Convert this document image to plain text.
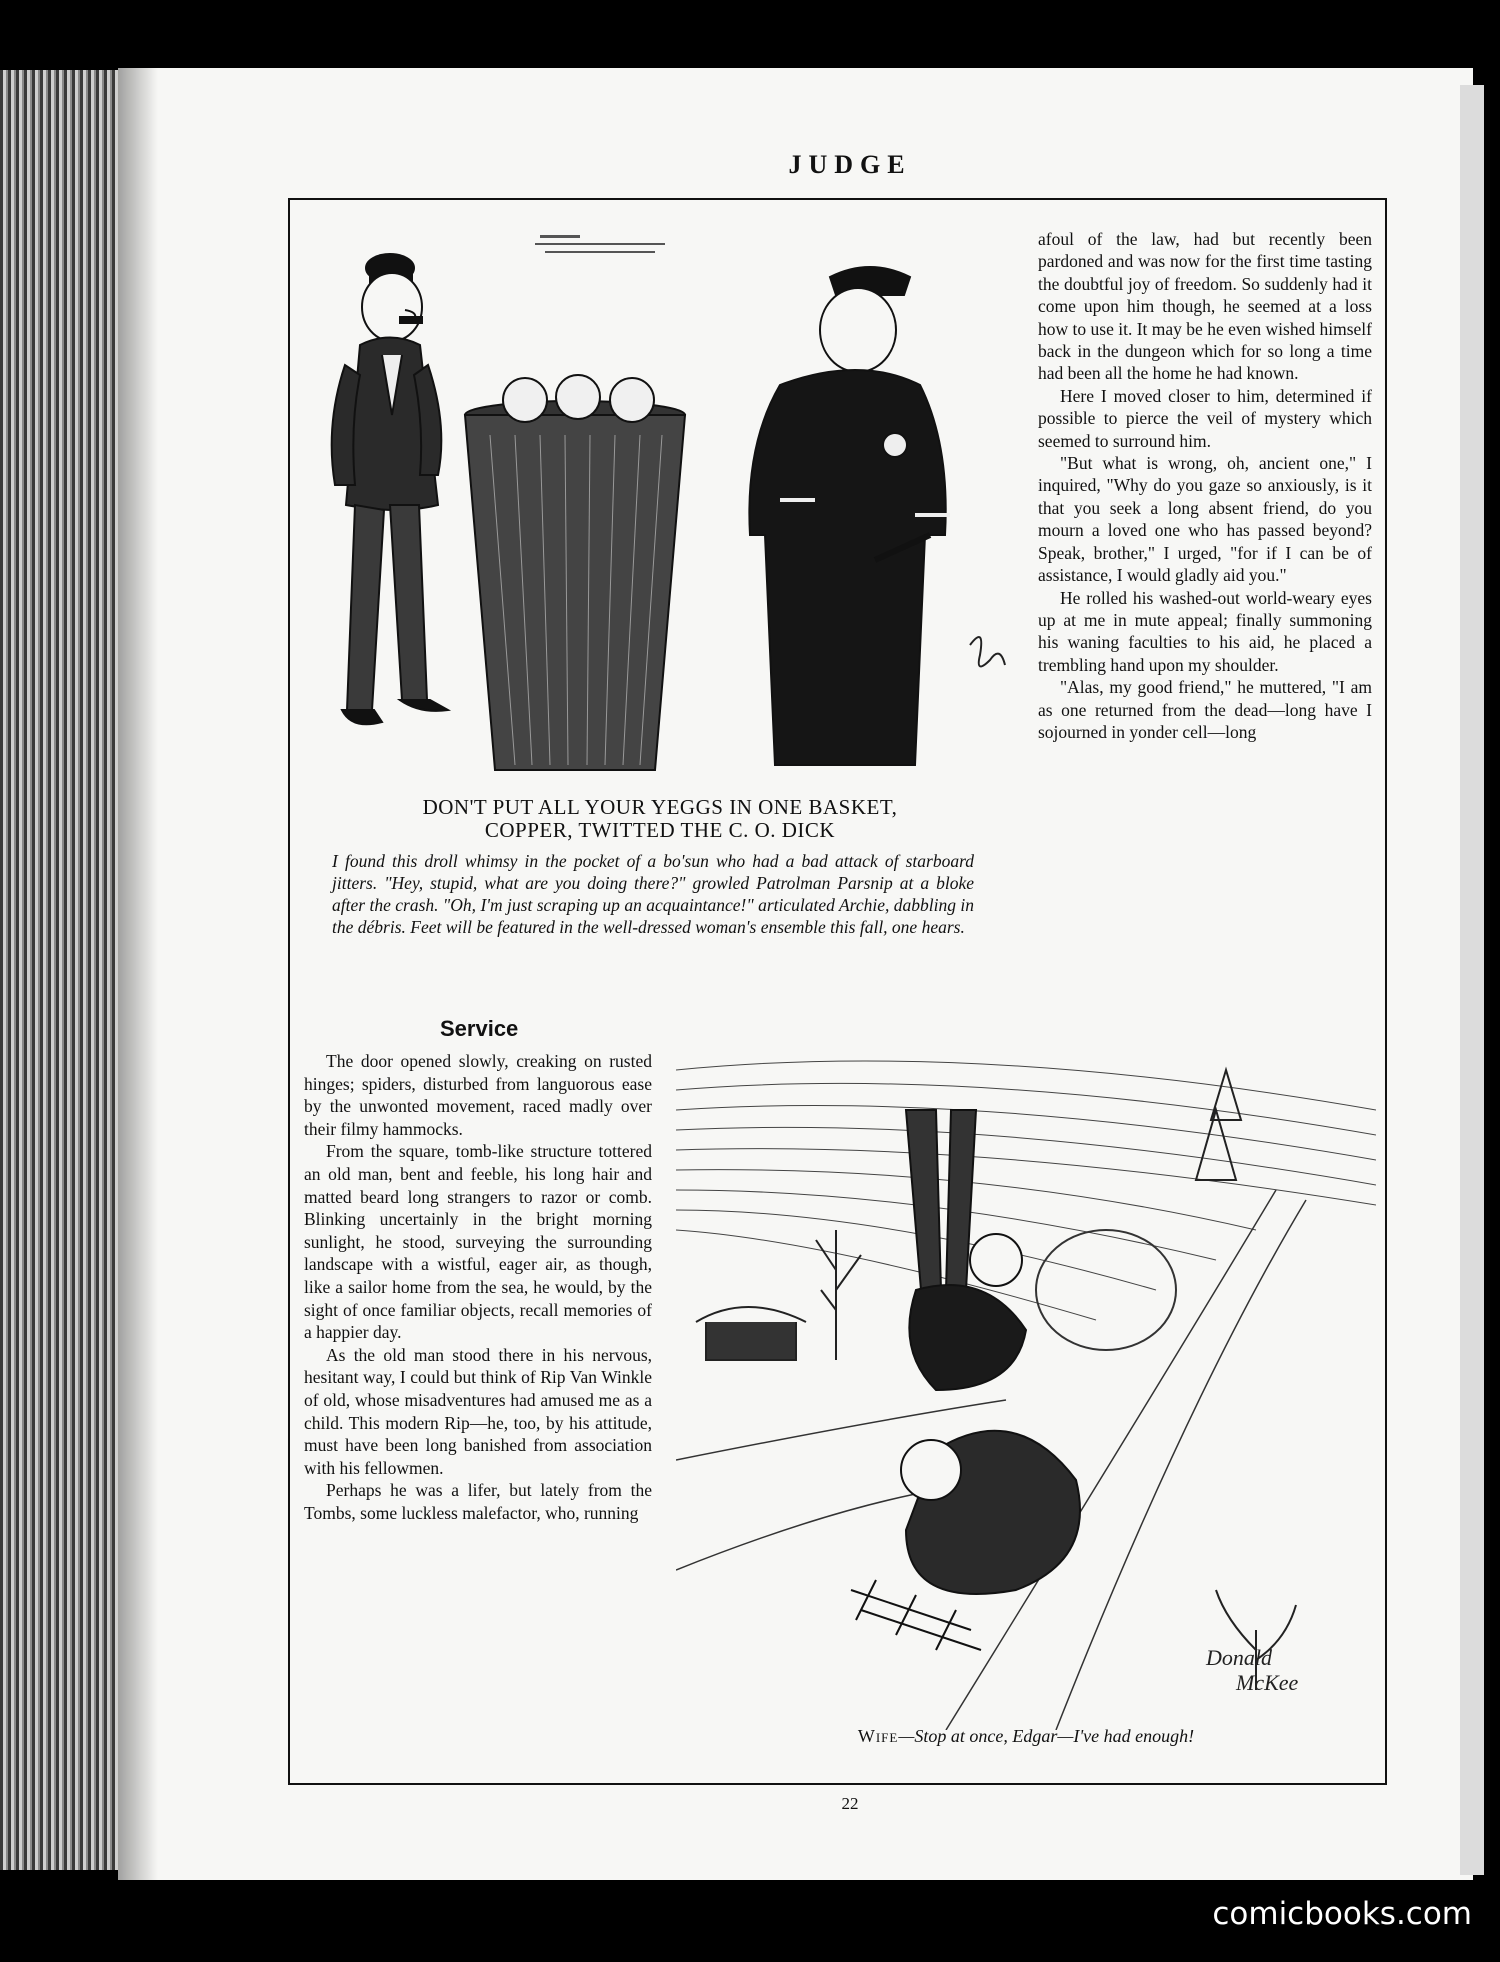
JUDGE
DON'T PUT ALL YOUR YEGGS IN ONE BASKET,
COPPER, TWITTED THE C. O. DICK
I found this droll whimsy in the pocket of a bo'sun who had a bad attack of starboard jitters. "Hey, stupid, what are you doing there?" growled Patrolman Parsnip at a bloke after the crash. "Oh, I'm just scraping up an acquaintance!" articulated Archie, dabbling in the débris. Feet will be featured in the well-dressed woman's ensemble this fall, one hears.

afoul of the law, had but recently been pardoned and was now for the first time tasting the doubtful joy of freedom. So suddenly had it come upon him though, he seemed at a loss how to use it. It may be he even wished himself back in the dungeon which for so long a time had been all the home he had known.

Here I moved closer to him, determined if possible to pierce the veil of mystery which seemed to surround him.

"But what is wrong, oh, ancient one," I inquired, "Why do you gaze so anxiously, is it that you seek a long absent friend, do you mourn a loved one who has passed beyond? Speak, brother," I urged, "for if I can be of assistance, I would gladly aid you."

He rolled his washed-out world-weary eyes up at me in mute appeal; finally summoning his waning faculties to his aid, he placed a trembling hand upon my shoulder.

"Alas, my good friend," he muttered, "I am as one returned from the dead—long have I sojourned in yonder cell—long

Service

The door opened slowly, creaking on rusted hinges; spiders, disturbed from languorous ease by the unwonted movement, raced madly over their filmy hammocks.

From the square, tomb-like structure tottered an old man, bent and feeble, his long hair and matted beard long strangers to razor or comb. Blinking uncertainly in the bright morning sunlight, he stood, surveying the surrounding landscape with a wistful, eager air, as though, like a sailor home from the sea, he would, by the sight of once familiar objects, recall memories of a happier day.

As the old man stood there in his nervous, hesitant way, I could but think of Rip Van Winkle of old, whose misadventures had amused me as a child. This modern Rip—he, too, by his attitude, must have been long banished from association with his fellowmen.

Perhaps he was a lifer, but lately from the Tombs, some luckless malefactor, who, running

Donald
McKee
Wife—Stop at once, Edgar—I've had enough!
22
comicbooks.com
